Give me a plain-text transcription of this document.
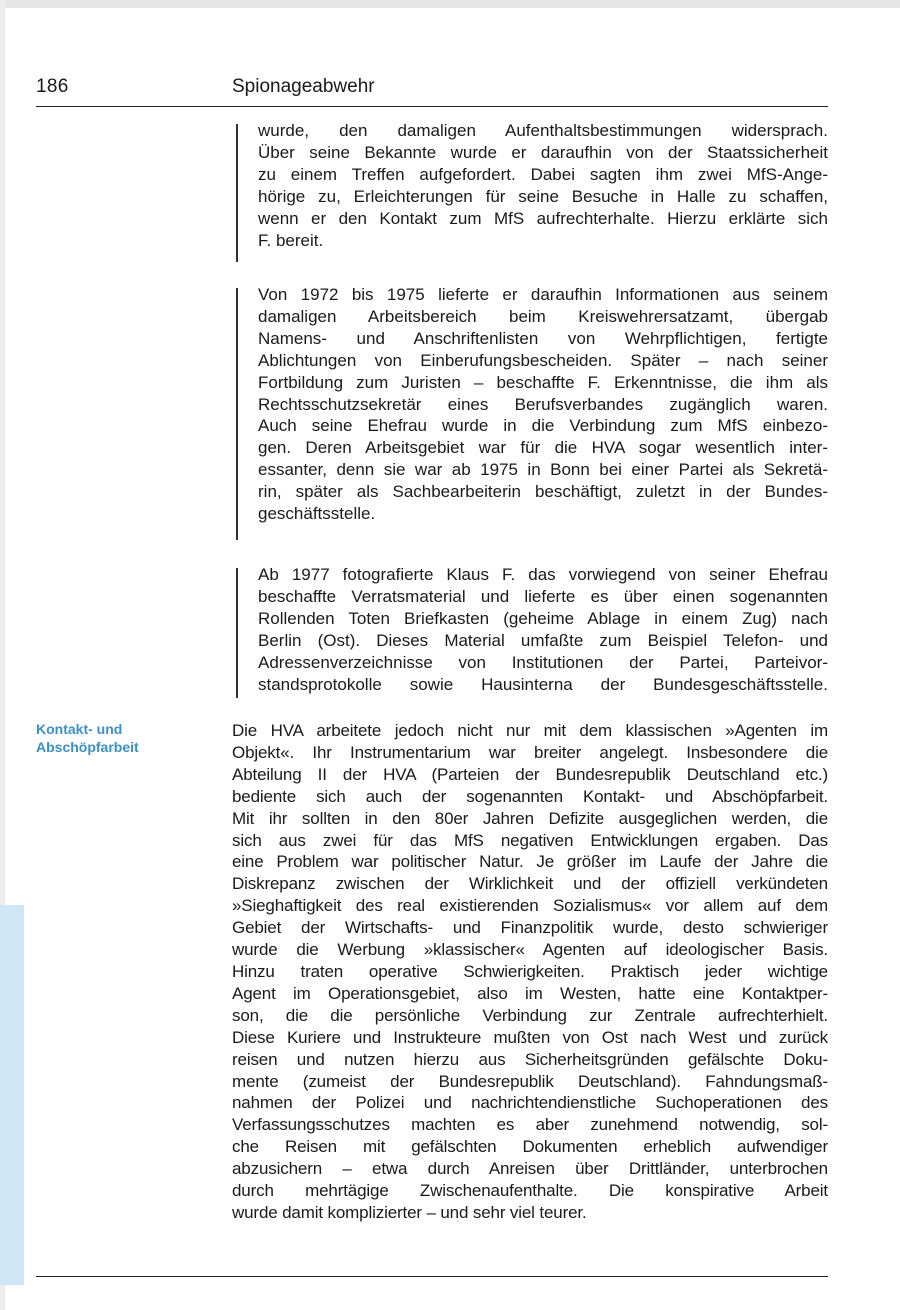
186	Spionageabwehr
wurde, den damaligen Aufenthaltsbestimmungen widersprach.
Über seine Bekannte wurde er daraufhin von der Staatssicherheit
zu einem Treffen aufgefordert. Dabei sagten ihm zwei MfS-Ange-
hörige zu, Erleichterungen für seine Besuche in Halle zu schaffen,
wenn er den Kontakt zum MfS aufrechterhalte. Hierzu erklärte sich
F. bereit.
Von 1972 bis 1975 lieferte er daraufhin Informationen aus seinem
damaligen Arbeitsbereich beim Kreiswehrersatzamt, übergab
Namens- und Anschriftenlisten von Wehrpflichtigen, fertigte
Ablichtungen von Einberufungsbescheiden. Später – nach seiner
Fortbildung zum Juristen – beschaffte F. Erkenntnisse, die ihm als
Rechtsschutzsekretär eines Berufsverbandes zugänglich waren.
Auch seine Ehefrau wurde in die Verbindung zum MfS einbezo-
gen. Deren Arbeitsgebiet war für die HVA sogar wesentlich inter-
essanter, denn sie war ab 1975 in Bonn bei einer Partei als Sekretä-
rin, später als Sachbearbeiterin beschäftigt, zuletzt in der Bundes-
geschäftsstelle.
Ab 1977 fotografierte Klaus F. das vorwiegend von seiner Ehefrau
beschaffte Verratsmaterial und lieferte es über einen sogenannten
Rollenden Toten Briefkasten (geheime Ablage in einem Zug) nach
Berlin (Ost). Dieses Material umfaßte zum Beispiel Telefon- und
Adressenverzeichnisse von Institutionen der Partei, Parteivor-
standsprotokolle sowie Hausinterna der Bundesgeschäftsstelle.
Kontakt- und
Abschöpfarbeit
Die HVA arbeitete jedoch nicht nur mit dem klassischen »Agenten im
Objekt«. Ihr Instrumentarium war breiter angelegt. Insbesondere die
Abteilung II der HVA (Parteien der Bundesrepublik Deutschland etc.)
bediente sich auch der sogenannten Kontakt- und Abschöpfarbeit.
Mit ihr sollten in den 80er Jahren Defizite ausgeglichen werden, die
sich aus zwei für das MfS negativen Entwicklungen ergaben. Das
eine Problem war politischer Natur. Je größer im Laufe der Jahre die
Diskrepanz zwischen der Wirklichkeit und der offiziell verkündeten
»Sieghaftigkeit des real existierenden Sozialismus« vor allem auf dem
Gebiet der Wirtschafts- und Finanzpolitik wurde, desto schwieriger
wurde die Werbung »klassischer« Agenten auf ideologischer Basis.
Hinzu traten operative Schwierigkeiten. Praktisch jeder wichtige
Agent im Operationsgebiet, also im Westen, hatte eine Kontaktper-
son, die die persönliche Verbindung zur Zentrale aufrechterhielt.
Diese Kuriere und Instrukteure mußten von Ost nach West und zurück
reisen und nutzen hierzu aus Sicherheitsgründen gefälschte Doku-
mente (zumeist der Bundesrepublik Deutschland). Fahndungsmaß-
nahmen der Polizei und nachrichtendienstliche Suchoperationen des
Verfassungsschutzes machten es aber zunehmend notwendig, sol-
che Reisen mit gefälschten Dokumenten erheblich aufwendiger
abzusichern – etwa durch Anreisen über Drittländer, unterbrochen
durch mehrtägige Zwischenaufenthalte. Die konspirative Arbeit
wurde damit komplizierter – und sehr viel teurer.
